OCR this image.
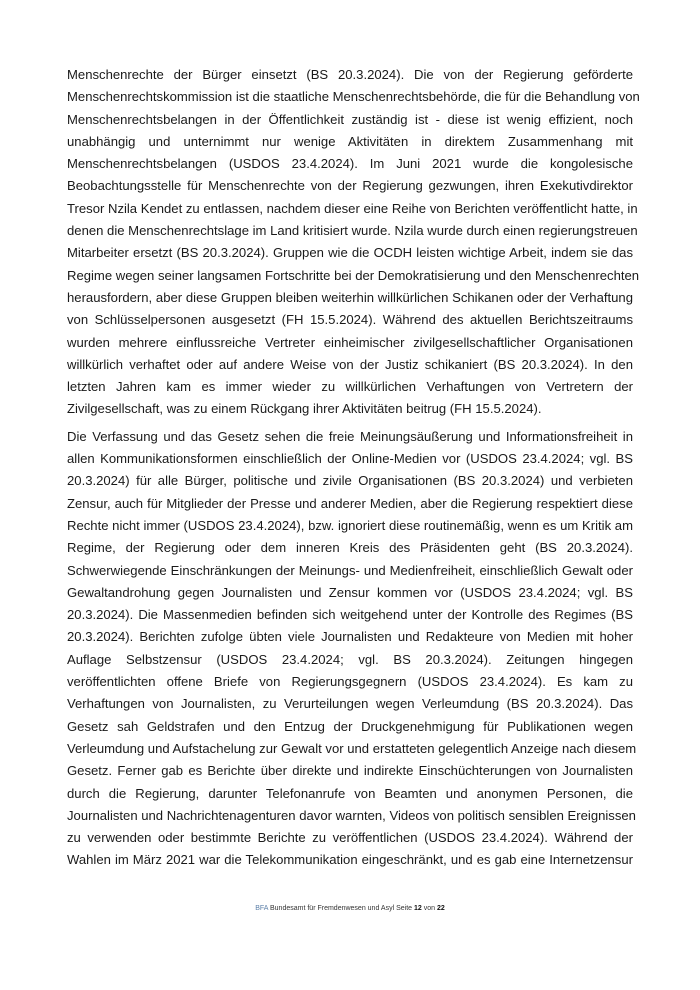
Menschenrechte der Bürger einsetzt (BS 20.3.2024). Die von der Regierung geförderte
Menschenrechtskommission ist die staatliche Menschenrechtsbehörde, die für die Behandlung von
Menschenrechtsbelangen in der Öffentlichkeit zuständig ist - diese ist wenig effizient, noch
unabhängig und unternimmt nur wenige Aktivitäten in direktem Zusammenhang mit
Menschenrechtsbelangen (USDOS 23.4.2024). Im Juni 2021 wurde die kongolesische
Beobachtungsstelle für Menschenrechte von der Regierung gezwungen, ihren Exekutivdirektor
Tresor Nzila Kendet zu entlassen, nachdem dieser eine Reihe von Berichten veröffentlicht hatte, in
denen die Menschenrechtslage im Land kritisiert wurde. Nzila wurde durch einen regierungstreuen
Mitarbeiter ersetzt (BS 20.3.2024). Gruppen wie die OCDH leisten wichtige Arbeit, indem sie das
Regime wegen seiner langsamen Fortschritte bei der Demokratisierung und den Menschenrechten
herausfordern, aber diese Gruppen bleiben weiterhin willkürlichen Schikanen oder der Verhaftung
von Schlüsselpersonen ausgesetzt (FH 15.5.2024). Während des aktuellen Berichtszeitraums
wurden mehrere einflussreiche Vertreter einheimischer zivilgesellschaftlicher Organisationen
willkürlich verhaftet oder auf andere Weise von der Justiz schikaniert (BS 20.3.2024). In den
letzten Jahren kam es immer wieder zu willkürlichen Verhaftungen von Vertretern der
Zivilgesellschaft, was zu einem Rückgang ihrer Aktivitäten beitrug (FH 15.5.2024).
Die Verfassung und das Gesetz sehen die freie Meinungsäußerung und Informationsfreiheit in
allen Kommunikationsformen einschließlich der Online-Medien vor (USDOS 23.4.2024; vgl. BS
20.3.2024) für alle Bürger, politische und zivile Organisationen (BS 20.3.2024) und verbieten
Zensur, auch für Mitglieder der Presse und anderer Medien, aber die Regierung respektiert diese
Rechte nicht immer (USDOS 23.4.2024), bzw. ignoriert diese routinemäßig, wenn es um Kritik am
Regime, der Regierung oder dem inneren Kreis des Präsidenten geht (BS 20.3.2024).
Schwerwiegende Einschränkungen der Meinungs- und Medienfreiheit, einschließlich Gewalt oder
Gewaltandrohung gegen Journalisten und Zensur kommen vor (USDOS 23.4.2024; vgl. BS
20.3.2024). Die Massenmedien befinden sich weitgehend unter der Kontrolle des Regimes (BS
20.3.2024). Berichten zufolge übten viele Journalisten und Redakteure von Medien mit hoher
Auflage Selbstzensur (USDOS 23.4.2024; vgl. BS 20.3.2024). Zeitungen hingegen
veröffentlichten offene Briefe von Regierungsgegnern (USDOS 23.4.2024). Es kam zu
Verhaftungen von Journalisten, zu Verurteilungen wegen Verleumdung (BS 20.3.2024). Das
Gesetz sah Geldstrafen und den Entzug der Druckgenehmigung für Publikationen wegen
Verleumdung und Aufstachelung zur Gewalt vor und erstatteten gelegentlich Anzeige nach diesem
Gesetz. Ferner gab es Berichte über direkte und indirekte Einschüchterungen von Journalisten
durch die Regierung, darunter Telefonanrufe von Beamten und anonymen Personen, die
Journalisten und Nachrichtenagenturen davor warnten, Videos von politisch sensiblen Ereignissen
zu verwenden oder bestimmte Berichte zu veröffentlichen (USDOS 23.4.2024). Während der
Wahlen im März 2021 war die Telekommunikation eingeschränkt, und es gab eine Internetzensur
BFA Bundesamt für Fremdenwesen und Asyl Seite 12 von 22
